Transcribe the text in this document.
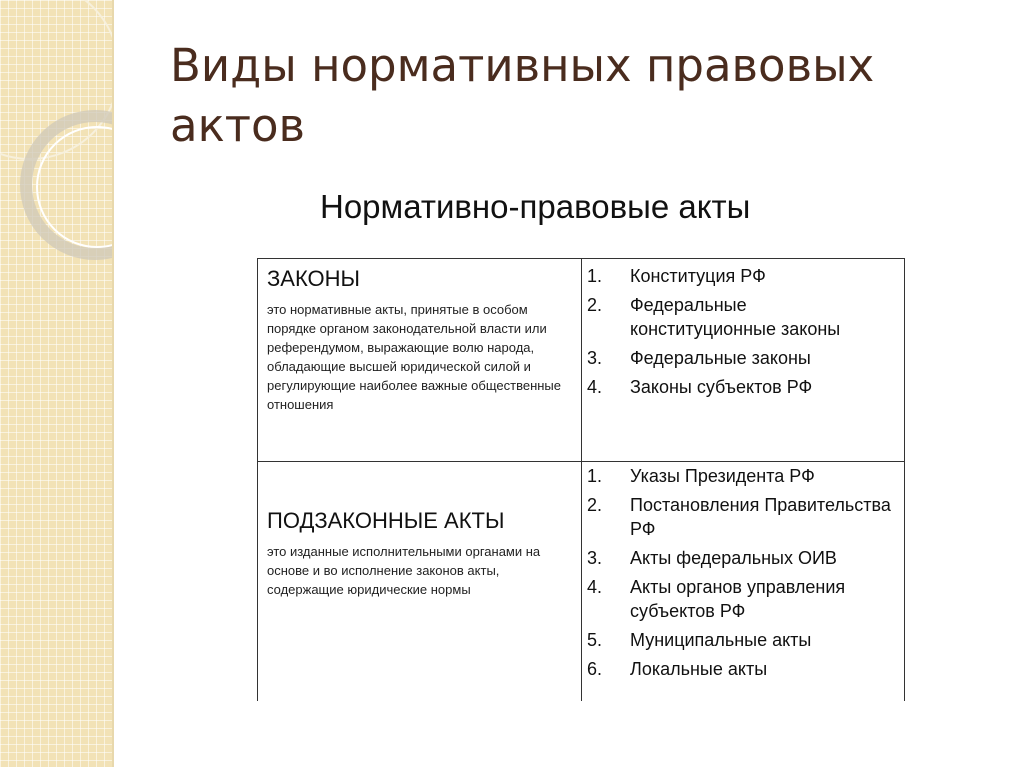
Виды нормативных правовых актов
Нормативно-правовые акты

ЗАКОНЫ

это нормативные акты, принятые в особом порядке органом законодательной власти или референдумом, выражающие волю народа, обладающие высшей юридической силой и регулирующие наиболее важные общественные отношения

1. Конституция РФ
2. Федеральные конституционные законы
3. Федеральные законы
4. Законы субъектов РФ

ПОДЗАКОННЫЕ АКТЫ

это изданные исполнительными органами на основе и во исполнение законов акты, содержащие юридические нормы

1. Указы Президента РФ
2. Постановления Правительства РФ
3. Акты федеральных ОИВ
4. Акты органов управления субъектов РФ
5. Муниципальные акты
6. Локальные акты
